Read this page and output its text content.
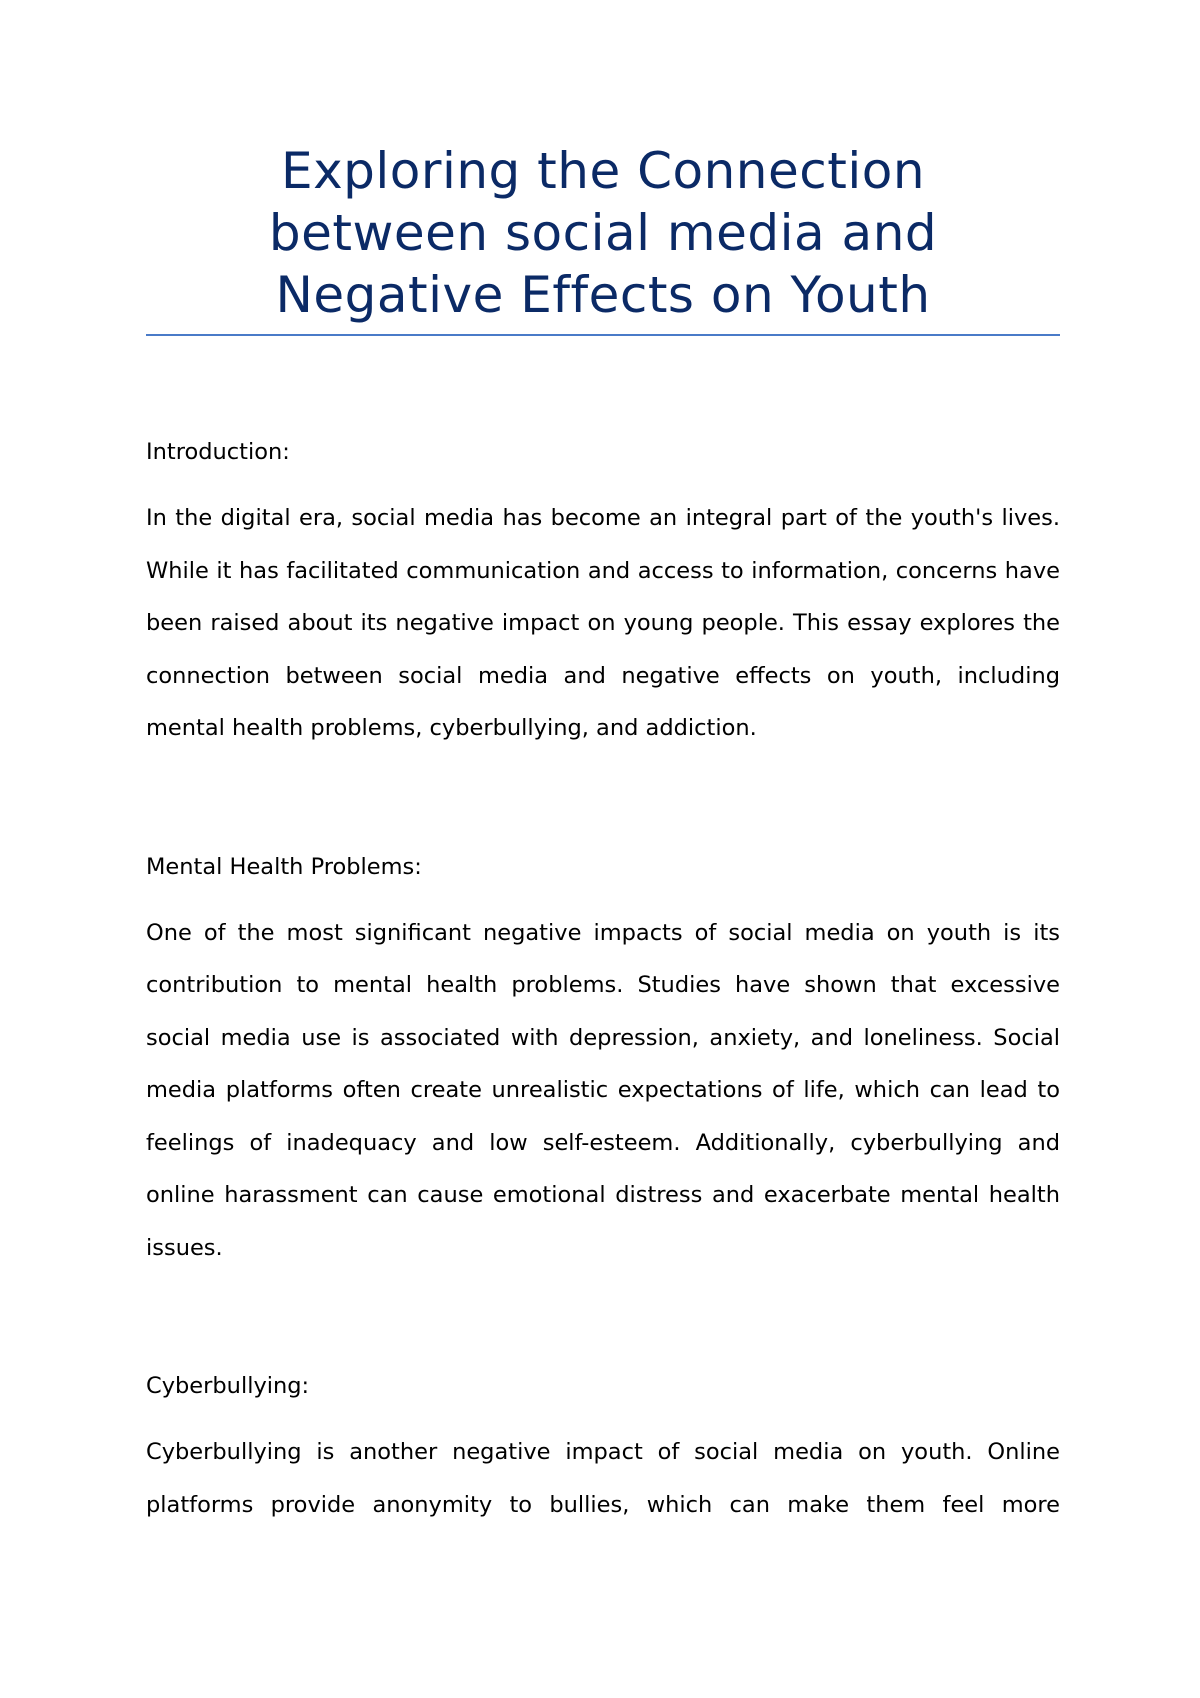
Exploring the Connection
between social media and
Negative Effects on Youth
Introduction:

In the digital era, social media has become an integral part of the youth's lives. While it has facilitated communication and access to information, concerns have been raised about its negative impact on young people. This essay explores the connection between social media and negative effects on youth, including mental health problems, cyberbullying, and addiction.

Mental Health Problems:

One of the most significant negative impacts of social media on youth is its contribution to mental health problems. Studies have shown that excessive social media use is associated with depression, anxiety, and loneliness. Social media platforms often create unrealistic expectations of life, which can lead to feelings of inadequacy and low self-esteem. Additionally, cyberbullying and online harassment can cause emotional distress and exacerbate mental health issues.

Cyberbullying:

Cyberbullying is another negative impact of social media on youth. Online platforms provide anonymity to bullies, which can make them feel more
